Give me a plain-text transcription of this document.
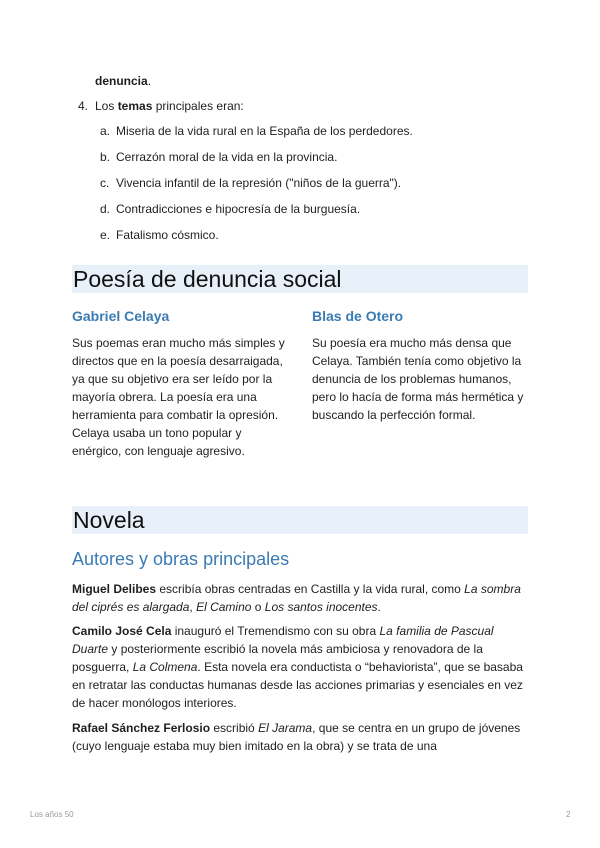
denuncia.
4. Los temas principales eran:
a. Miseria de la vida rural en la España de los perdedores.
b. Cerrazón moral de la vida en la provincia.
c. Vivencia infantil de la represión ("niños de la guerra").
d. Contradicciones e hipocresía de la burguesía.
e. Fatalismo cósmico.
Poesía de denuncia social
Gabriel Celaya

Sus poemas eran mucho más simples y directos que en la poesía desarraigada, ya que su objetivo era ser leído por la mayoría obrera. La poesía era una herramienta para combatir la opresión. Celaya usaba un tono popular y enérgico, con lenguaje agresivo.

Blas de Otero

Su poesía era mucho más densa que Celaya. También tenía como objetivo la denuncia de los problemas humanos, pero lo hacía de forma más hermética y buscando la perfección formal.

Novela
Autores y obras principales

Miguel Delibes escribía obras centradas en Castilla y la vida rural, como La sombra del ciprés es alargada, El Camino o Los santos inocentes.

Camilo José Cela inauguró el Tremendismo con su obra La familia de Pascual Duarte y posteriormente escribió la novela más ambiciosa y renovadora de la posguerra, La Colmena. Esta novela era conductista o “behaviorista”, que se basaba en retratar las conductas humanas desde las acciones primarias y esenciales en vez de hacer monólogos interiores.

Rafael Sánchez Ferlosio escribió El Jarama, que se centra en un grupo de jóvenes (cuyo lenguaje estaba muy bien imitado en la obra) y se trata de una

Los años 50	2
